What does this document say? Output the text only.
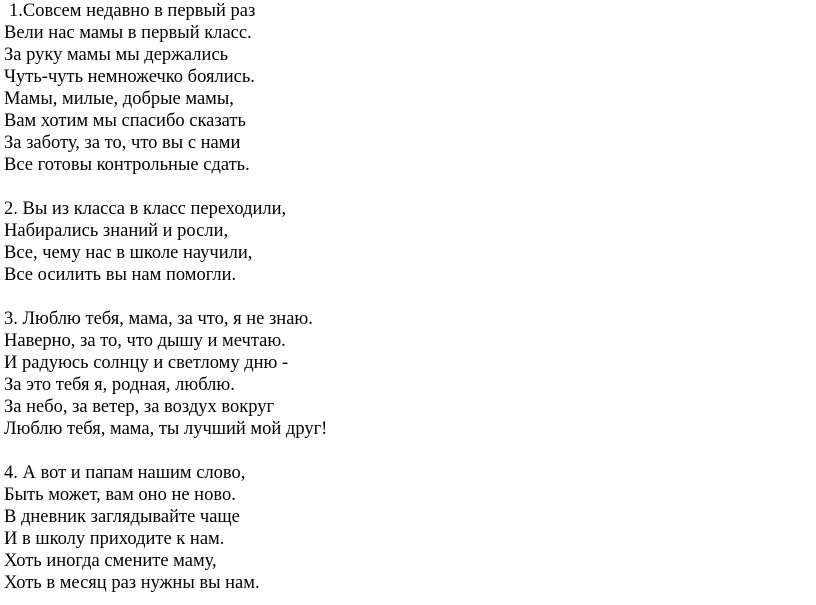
1.Совсем недавно в первый раз
Вели нас мамы в первый класс.
За руку мамы мы держались
Чуть-чуть немножечко боялись.
Мамы, милые, добрые мамы,
Вам хотим мы спасибо сказать
За заботу, за то, что вы с нами
Все готовы контрольные сдать.
2. Вы из класса в класс переходили,
Набирались знаний и росли,
Все, чему нас в школе научили,
Все осилить вы нам помогли.
3. Люблю тебя, мама, за что, я не знаю.
Наверно, за то, что дышу и мечтаю.
И радуюсь солнцу и светлому дню -
За это тебя я, родная, люблю.
За небо, за ветер, за воздух вокруг
Люблю тебя, мама, ты лучший мой друг!
4. А вот и папам нашим слово,
Быть может, вам оно не ново.
В дневник заглядывайте чаще
И в школу приходите к нам.
Хоть иногда смените маму,
Хоть в месяц раз нужны вы нам.
